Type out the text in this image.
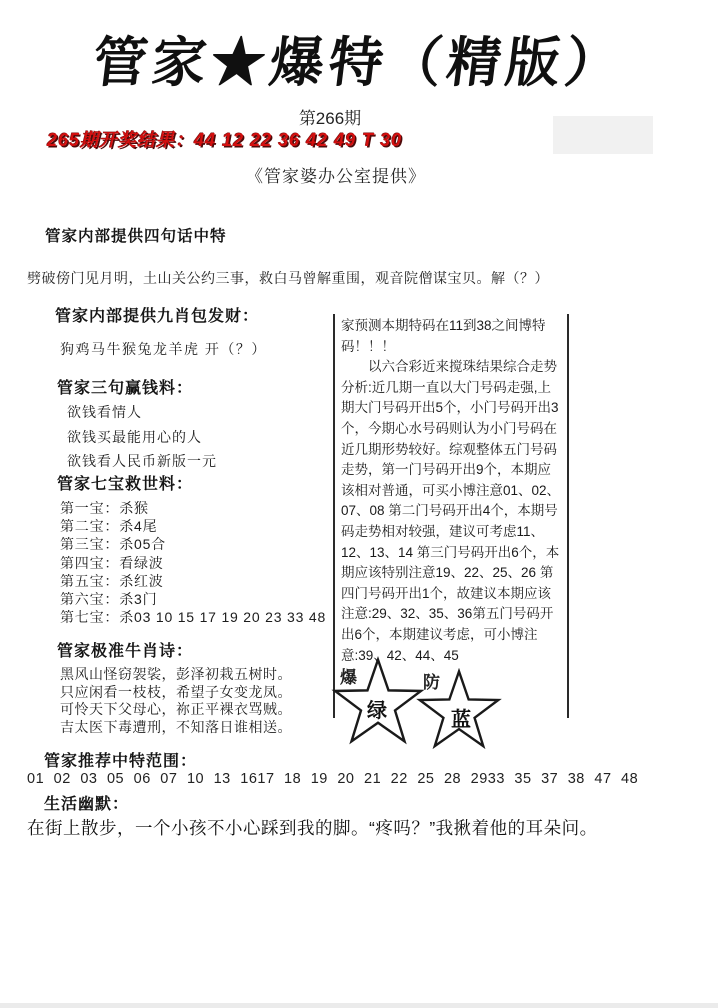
管家★爆特（精版）
第266期
265期开奖结果：44 12 22 36 42 49 T 30
《管家婆办公室提供》
管家内部提供四句话中特
劈破傍门见月明，土山关公约三事，救白马曾解重围，观音院僧谋宝贝。解（？）
管家内部提供九肖包发财：
狗鸡马牛猴兔龙羊虎 开（？）
管家三句赢钱料：
欲钱看情人
欲钱买最能用心的人
欲钱看人民币新版一元
管家七宝救世料：
第一宝：杀猴
第二宝：杀4尾
第三宝：杀05合
第四宝：看绿波
第五宝：杀红波
第六宝：杀3门
第七宝：杀03 10 15 17 19 20 23 33 48
管家极准牛肖诗：
黑风山怪窃袈裟，彭泽初栽五树时。
只应闲看一枝枝，希望子女变龙凤。
可怜天下父母心，祢正平裸衣骂贼。
吉太医下毒遭刑，不知落日谁相送。
家预测本期特码在11到38之间博特码！！！
以六合彩近来搅珠结果综合走势分析:近几期一直以大门号码走强,上期大门号码开出5个，小门号码开出3个，今期心水号码则认为小门号码在近几期形势较好。综观整体五门号码走势，第一门号码开出9个，本期应该相对普通，可买小博注意01、02、07、08 第二门号码开出4个，本期号码走势相对较强，建议可考虑11、12、13、14 第三门号码开出6个，本期应该特别注意19、22、25、26 第四门号码开出1个，故建议本期应该注意:29、32、35、36第五门号码开出6个，本期建议考虑，可小博注意:39、42、44、45
爆	防
绿	蓝
管家推荐中特范围：
01 02 03 05 06 07 10 13 1617 18 19 20 21 22 25 28 2933 35 37 38 47 48
生活幽默：
在街上散步，一个小孩不小心踩到我的脚。“疼吗？”我揪着他的耳朵问。
